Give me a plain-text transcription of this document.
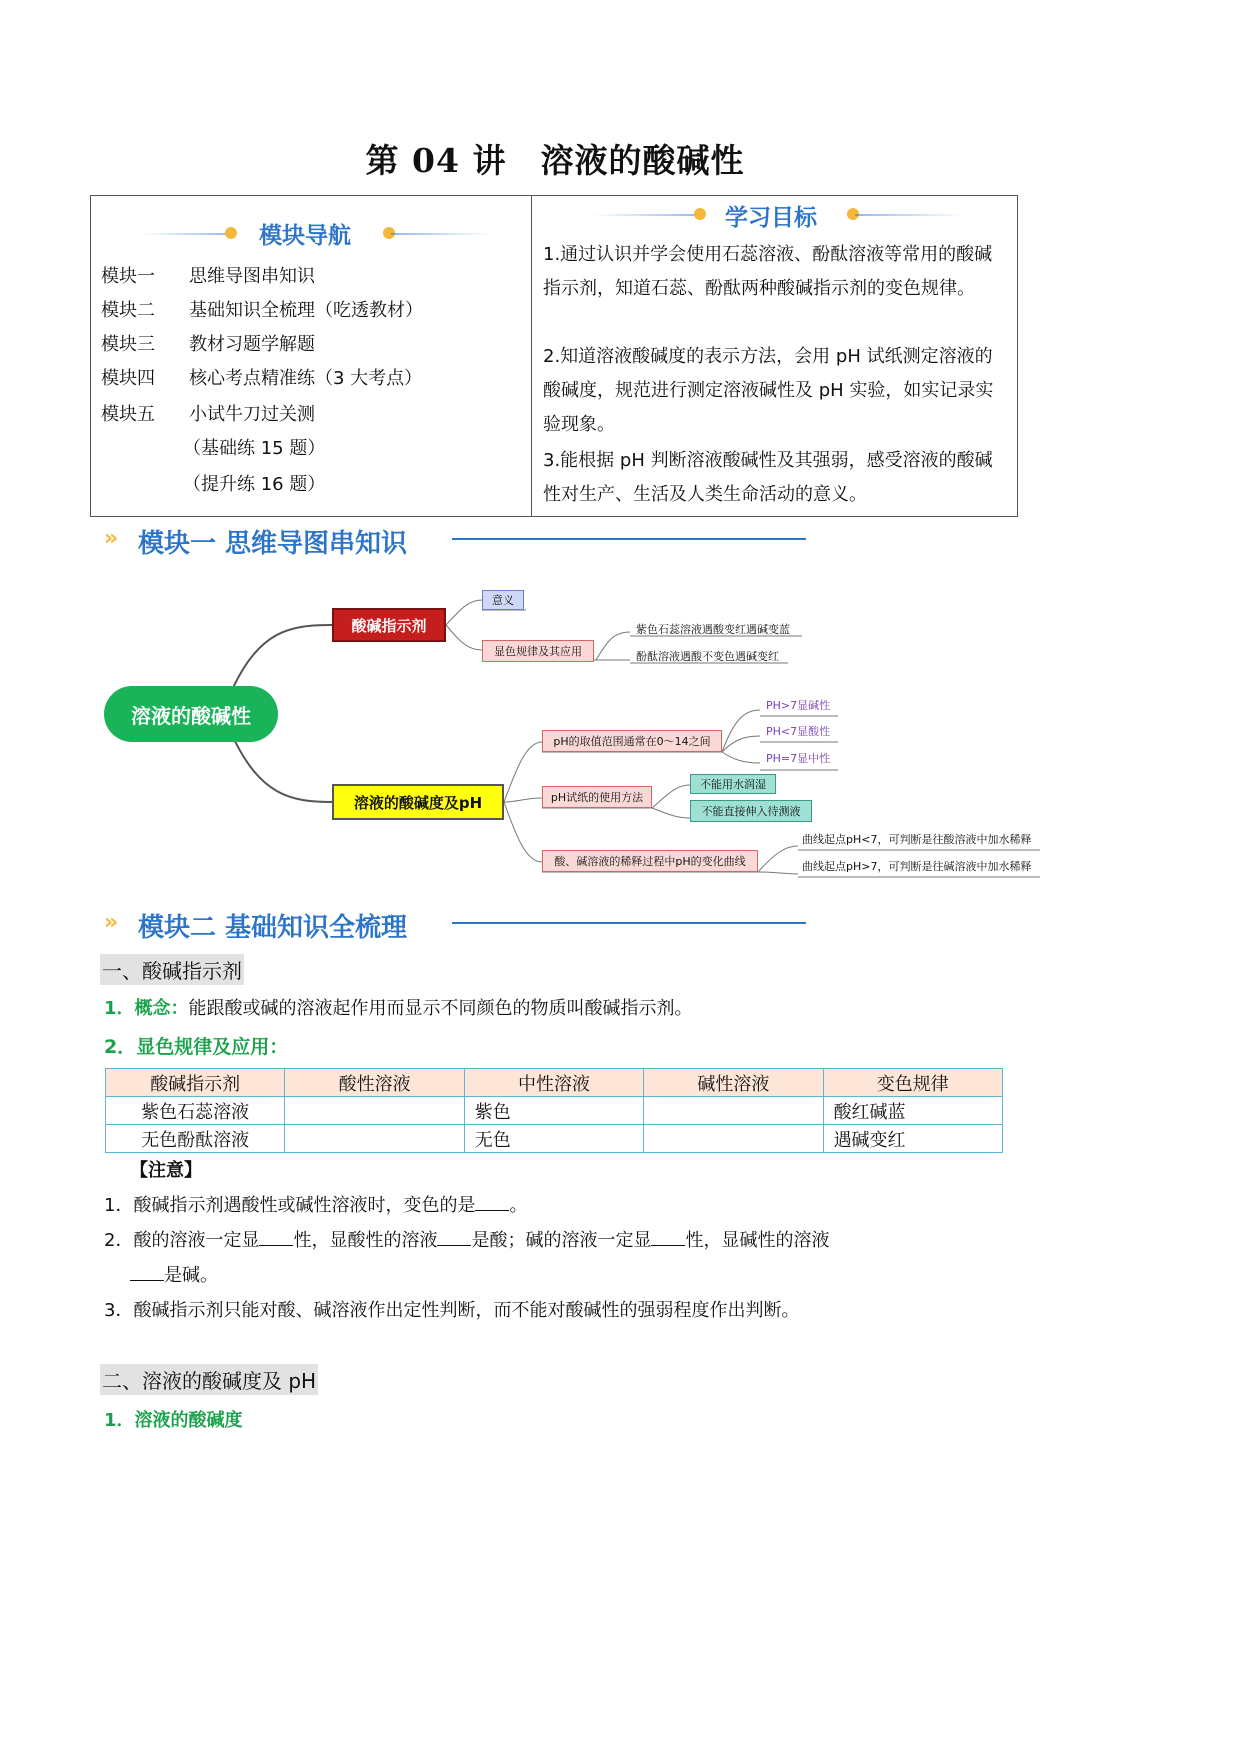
第 04 讲　溶液的酸碱性
模块导航
模块一 思维导图串知识
模块二 基础知识全梳理（吃透教材）
模块三 教材习题学解题
模块四 核心考点精准练（3 大考点）
模块五 小试牛刀过关测
（基础练 15 题）
（提升练 16 题）
学习目标
1.通过认识并学会使用石蕊溶液、酚酞溶液等常用的酸碱指示剂，知道石蕊、酚酞两种酸碱指示剂的变色规律。
2.知道溶液酸碱度的表示方法，会用 pH 试纸测定溶液的酸碱度，规范进行测定溶液碱性及 pH 实验，如实记录实验现象。
3.能根据 pH 判断溶液酸碱性及其强弱，感受溶液的酸碱性对生产、生活及人类生命活动的意义。
» 模块一 思维导图串知识
溶液的酸碱性
酸碱指示剂
意义
显色规律及其应用
紫色石蕊溶液遇酸变红遇碱变蓝
酚酞溶液遇酸不变色遇碱变红
溶液的酸碱度及pH
pH的取值范围通常在0～14之间
PH>7显碱性
PH<7显酸性
PH=7显中性
pH试纸的使用方法
不能用水润湿
不能直接伸入待测液
酸、碱溶液的稀释过程中pH的变化曲线
曲线起点pH<7，可判断是往酸溶液中加水稀释
曲线起点pH>7，可判断是往碱溶液中加水稀释
» 模块二 基础知识全梳理
一、酸碱指示剂
1．概念：能跟酸或碱的溶液起作用而显示不同颜色的物质叫酸碱指示剂。
2．显色规律及应用：
酸碱指示剂	酸性溶液	中性溶液	碱性溶液	变色规律
紫色石蕊溶液		紫色		酸红碱蓝
无色酚酞溶液		无色		遇碱变红
【注意】
1．酸碱指示剂遇酸性或碱性溶液时，变色的是 。
2．酸的溶液一定显 性，显酸性的溶液 是酸；碱的溶液一定显 性，显碱性的溶液
是碱。
3．酸碱指示剂只能对酸、碱溶液作出定性判断，而不能对酸碱性的强弱程度作出判断。
二、溶液的酸碱度及 pH
1．溶液的酸碱度
